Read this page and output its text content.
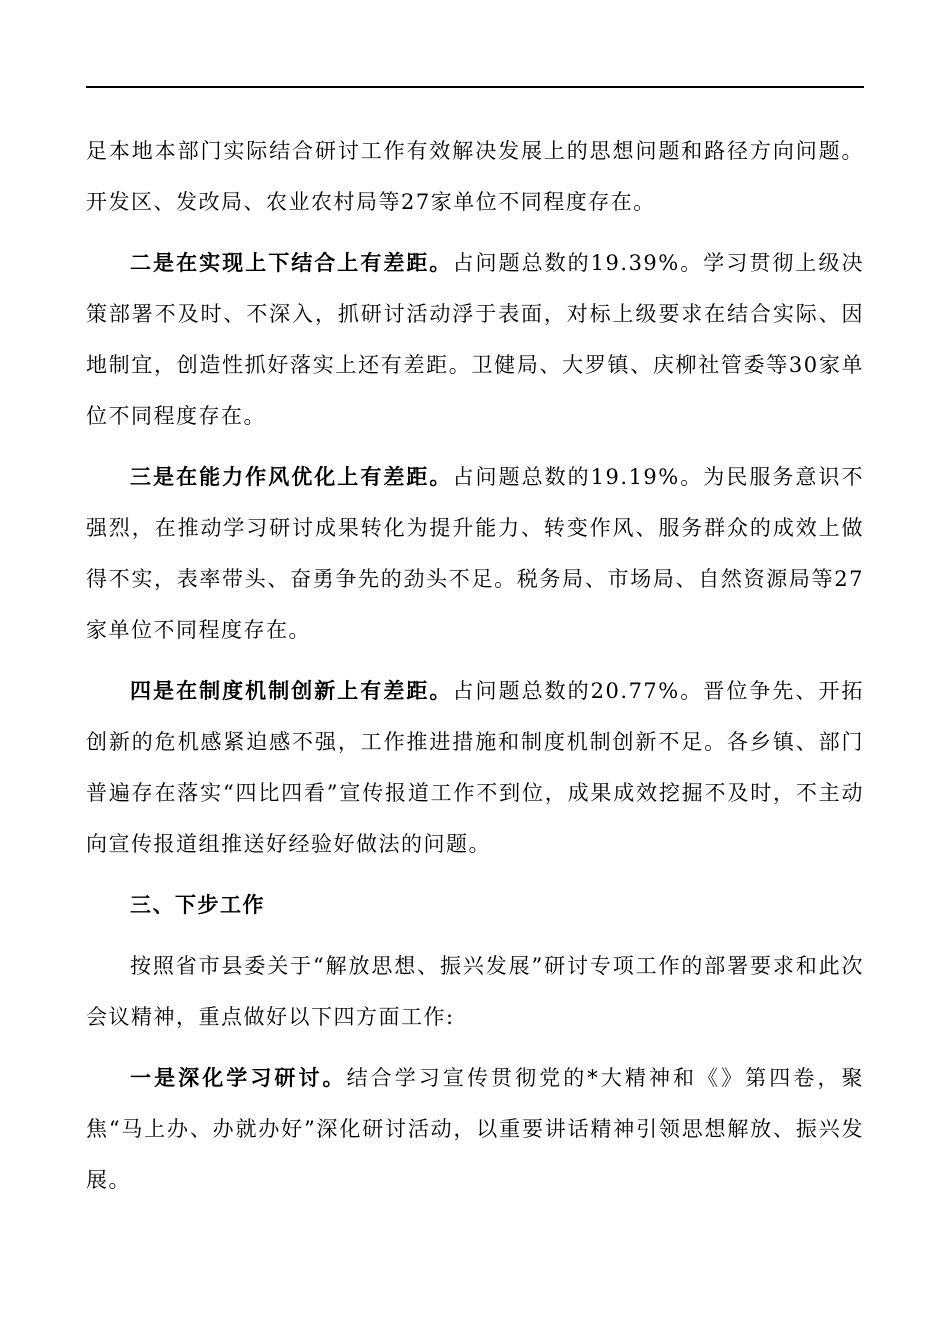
足本地本部门实际结合研讨工作有效解决发展上的思想问题和路径方向问题。开发区、发改局、农业农村局等27家单位不同程度存在。

二是在实现上下结合上有差距。占问题总数的19.39%。学习贯彻上级决策部署不及时、不深入，抓研讨活动浮于表面，对标上级要求在结合实际、因地制宜，创造性抓好落实上还有差距。卫健局、大罗镇、庆柳社管委等30家单位不同程度存在。

三是在能力作风优化上有差距。占问题总数的19.19%。为民服务意识不强烈，在推动学习研讨成果转化为提升能力、转变作风、服务群众的成效上做得不实，表率带头、奋勇争先的劲头不足。税务局、市场局、自然资源局等27家单位不同程度存在。

四是在制度机制创新上有差距。占问题总数的20.77%。晋位争先、开拓创新的危机感紧迫感不强，工作推进措施和制度机制创新不足。各乡镇、部门普遍存在落实“四比四看”宣传报道工作不到位，成果成效挖掘不及时，不主动向宣传报道组推送好经验好做法的问题。

三、下步工作

按照省市县委关于“解放思想、振兴发展”研讨专项工作的部署要求和此次会议精神，重点做好以下四方面工作:

一是深化学习研讨。结合学习宣传贯彻党的*大精神和《》第四卷，聚焦“马上办、办就办好”深化研讨活动，以重要讲话精神引领思想解放、振兴发展。
